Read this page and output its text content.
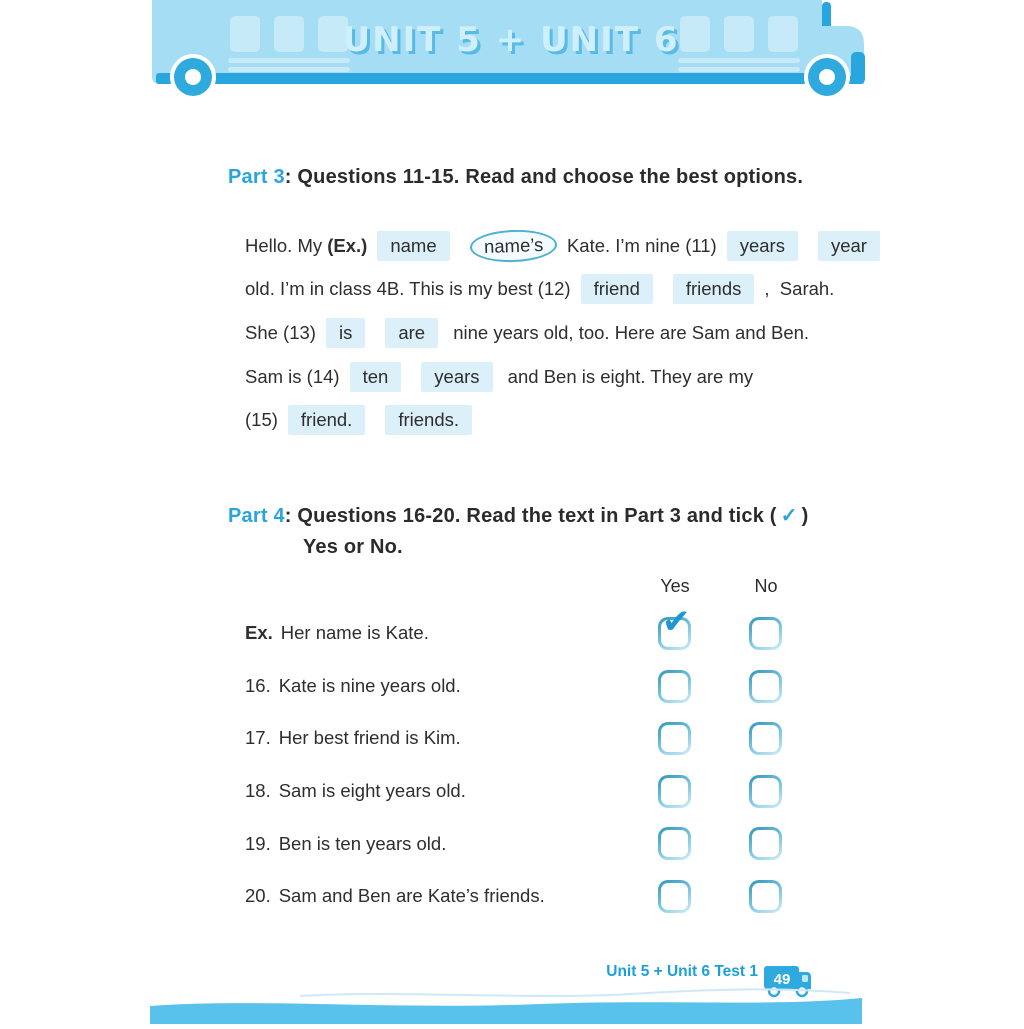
UNIT 5 + UNIT 6
Part 3: Questions 11-15. Read and choose the best options.
Hello. My (Ex.)	name	name’s	Kate. I’m nine (11)	years	year
old. I’m in class 4B. This is my best (12)	friend	friends	,  Sarah.
She (13)	is	are	nine years old, too. Here are Sam and Ben.
Sam is (14)	ten	years	and Ben is eight. They are my
(15)	friend.	friends.
Part 4: Questions 16-20. Read the text in Part 3 and tick ( ✓ )
Yes or No.
Yes	No
Ex. Her name is Kate.	✔
16. Kate is nine years old.
17. Her best friend is Kim.
18. Sam is eight years old.
19. Ben is ten years old.
20. Sam and Ben are Kate’s friends.
Unit 5 + Unit 6 Test 1 49
